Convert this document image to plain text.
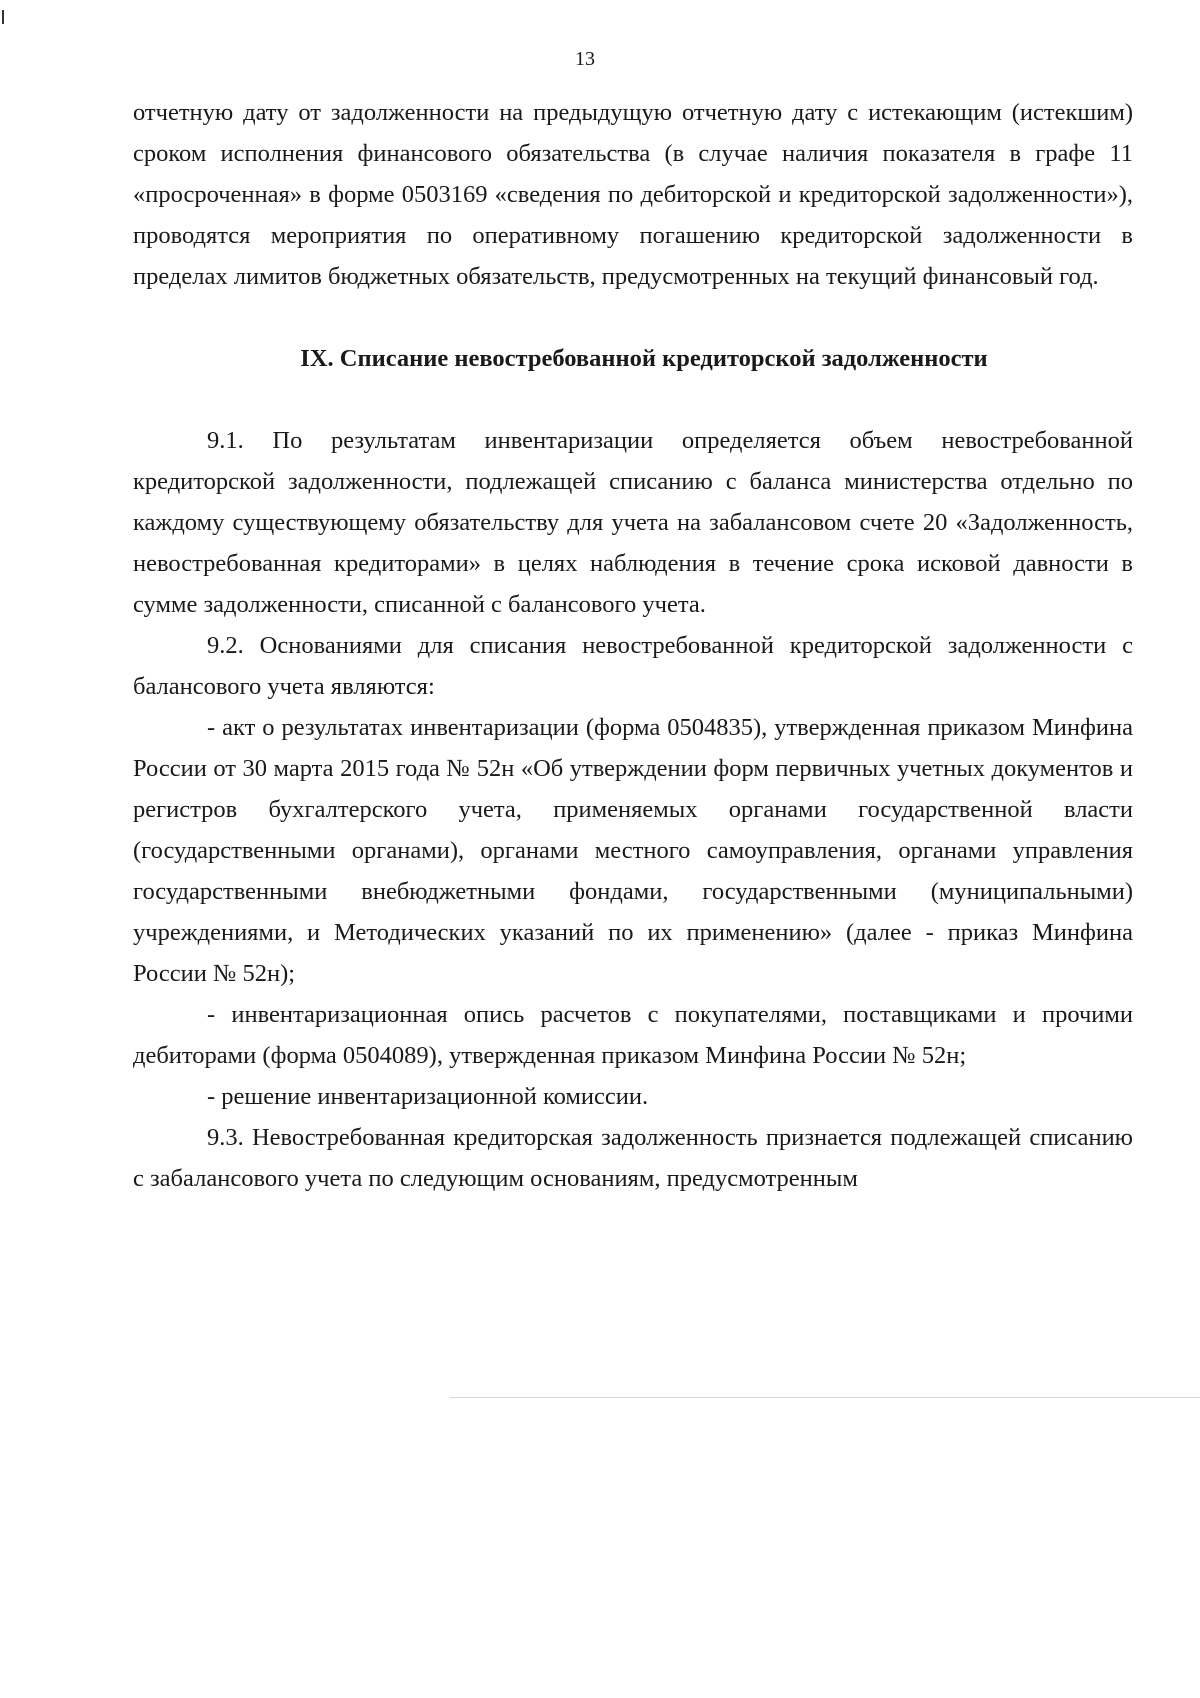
13

отчетную дату от задолженности на предыдущую отчетную дату с истекающим (истекшим) сроком исполнения финансового обязательства (в случае наличия показателя в графе 11 «просроченная» в форме 0503169 «сведения по дебиторской и кредиторской задолженности»), проводятся мероприятия по оперативному погашению кредиторской задолженности в пределах лимитов бюджетных обязательств, предусмотренных на текущий финансовый год.

IX. Списание невостребованной кредиторской задолженности

9.1. По результатам инвентаризации определяется объем невостребованной кредиторской задолженности, подлежащей списанию с баланса министерства отдельно по каждому существующему обязательству для учета на забалансовом счете 20 «Задолженность, невостребованная кредиторами» в целях наблюдения в течение срока исковой давности в сумме задолженности, списанной с балансового учета.

9.2. Основаниями для списания невостребованной кредиторской задолженности с балансового учета являются:

- акт о результатах инвентаризации (форма 0504835), утвержденная приказом Минфина России от 30 марта 2015 года № 52н «Об утверждении форм первичных учетных документов и регистров бухгалтерского учета, применяемых органами государственной власти (государственными органами), органами местного самоуправления, органами управления государственными внебюджетными фондами, государственными (муниципальными) учреждениями, и Методических указаний по их применению» (далее - приказ Минфина России № 52н);

- инвентаризационная опись расчетов с покупателями, поставщиками и прочими дебиторами (форма 0504089), утвержденная приказом Минфина России № 52н;

- решение инвентаризационной комиссии.

9.3. Невостребованная кредиторская задолженность признается подлежащей списанию с забалансового учета по следующим основаниям, предусмотренным
